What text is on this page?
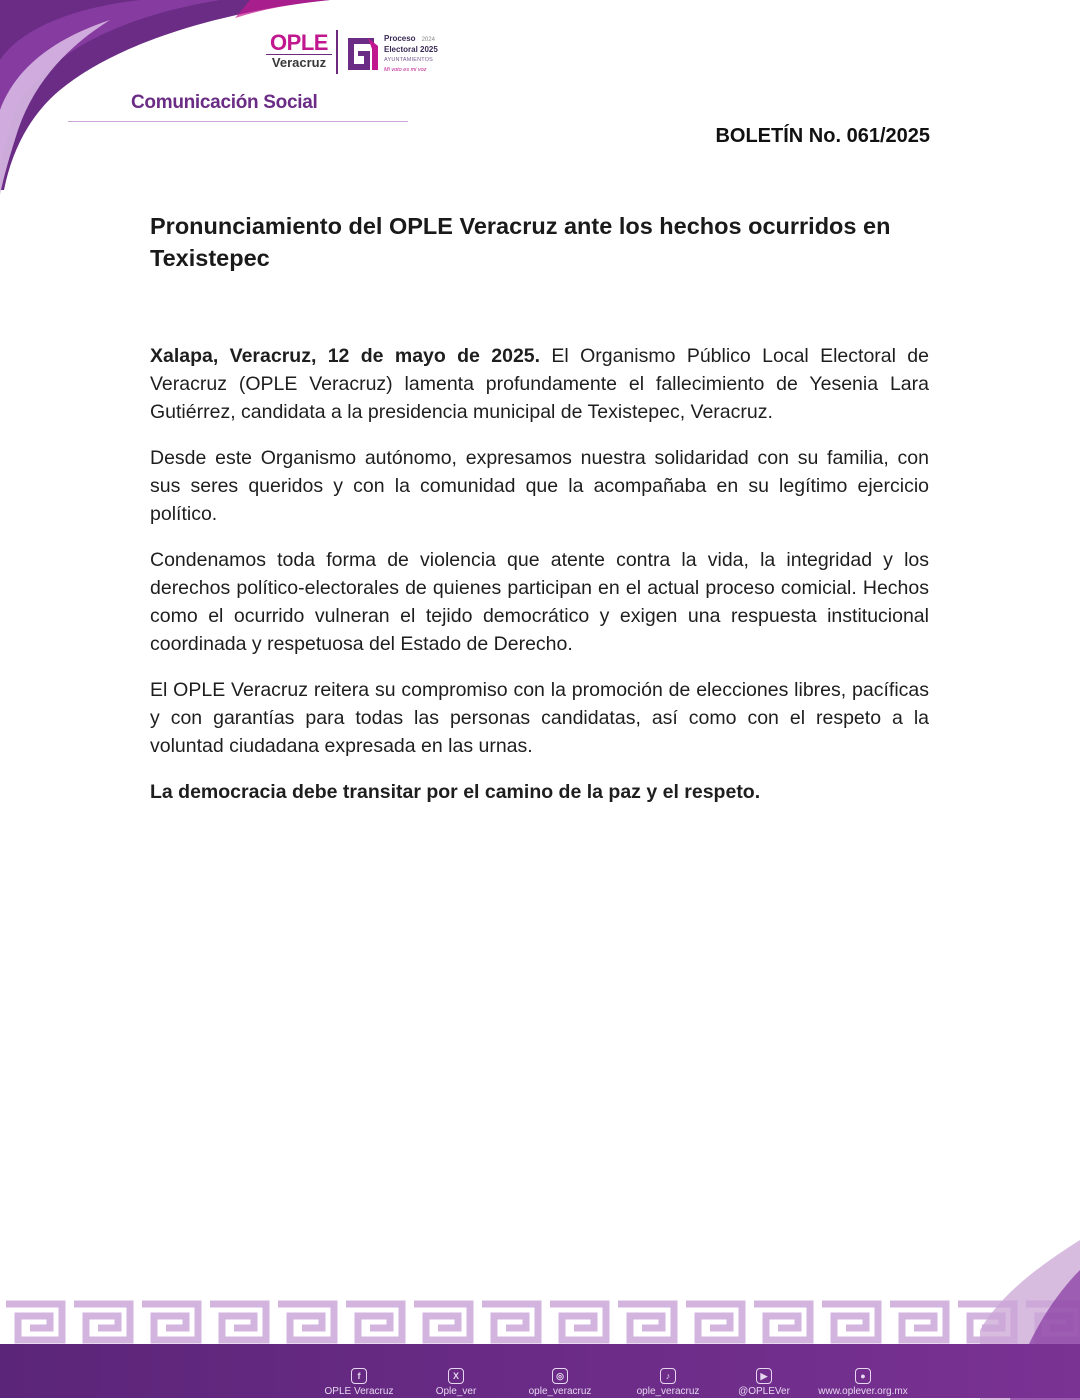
OPLE
Veracruz
Proceso 2024
Electoral 2025
AYUNTAMIENTOS
Mi voto es mi voz
Comunicación Social
BOLETÍN No. 061/2025
Pronunciamiento del OPLE Veracruz ante los hechos ocurridos en Texistepec

Xalapa, Veracruz, 12 de mayo de 2025. El Organismo Público Local Electoral de Veracruz (OPLE Veracruz) lamenta profundamente el fallecimiento de Yesenia Lara Gutiérrez, candidata a la presidencia municipal de Texistepec, Veracruz.

Desde este Organismo autónomo, expresamos nuestra solidaridad con su familia, con sus seres queridos y con la comunidad que la acompañaba en su legítimo ejercicio político.

Condenamos toda forma de violencia que atente contra la vida, la integridad y los derechos político-electorales de quienes participan en el actual proceso comicial. Hechos como el ocurrido vulneran el tejido democrático y exigen una respuesta institucional coordinada y respetuosa del Estado de Derecho.

El OPLE Veracruz reitera su compromiso con la promoción de elecciones libres, pacíficas y con garantías para todas las personas candidatas, así como con el respeto a la voluntad ciudadana expresada en las urnas.

La democracia debe transitar por el camino de la paz y el respeto.

f
OPLE Veracruz
X
Ople_ver
◎
ople_veracruz
♪
ople_veracruz
▶
@OPLEVer
●
www.oplever.org.mx
